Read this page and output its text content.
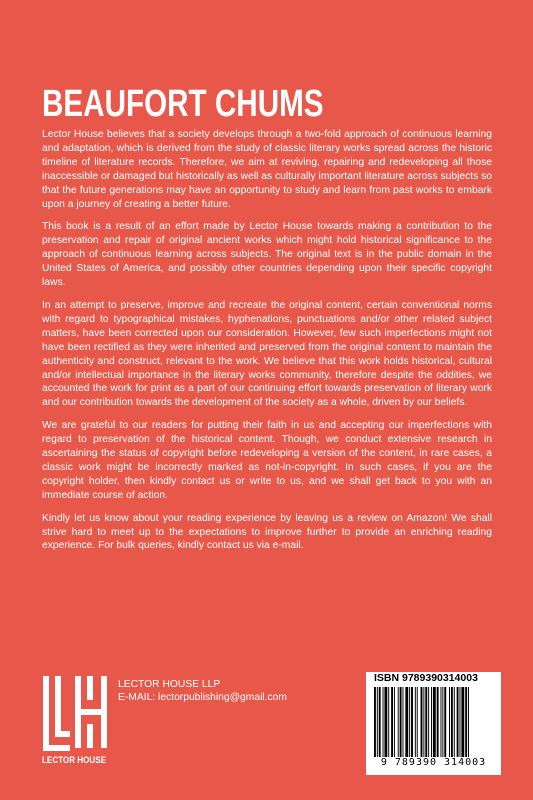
BEAUFORT CHUMS

Lector House believes that a society develops through a two-fold approach of continuous learning and adaptation, which is derived from the study of classic literary works spread across the historic timeline of literature records. Therefore, we aim at reviving, repairing and redeveloping all those inaccessible or damaged but historically as well as culturally important literature across subjects so that the future generations may have an opportunity to study and learn from past works to embark upon a journey of creating a better future.

This book is a result of an effort made by Lector House towards making a contribution to the preservation and repair of original ancient works which might hold historical significance to the approach of continuous learning across subjects. The original text is in the public domain in the United States of America, and possibly other countries depending upon their specific copyright laws.

In an attempt to preserve, improve and recreate the original content, certain conventional norms with regard to typographical mistakes, hyphenations, punctuations and/or other related subject matters, have been corrected upon our consideration. However, few such imperfections might not have been rectified as they were inherited and preserved from the original content to maintain the authenticity and construct, relevant to the work. We believe that this work holds historical, cultural and/or intellectual importance in the literary works community, therefore despite the oddities, we accounted the work for print as a part of our continuing effort towards preservation of literary work and our contribution towards the development of the society as a whole, driven by our beliefs.

We are grateful to our readers for putting their faith in us and accepting our imperfections with regard to preservation of the historical content. Though, we conduct extensive research in ascertaining the status of copyright before redeveloping a version of the content, in rare cases, a classic work might be incorrectly marked as not-in-copyright. In such cases, if you are the copyright holder, then kindly contact us or write to us, and we shall get back to you with an immediate course of action.

Kindly let us know about your reading experience by leaving us a review on Amazon! We shall strive hard to meet up to the expectations to improve further to provide an enriching reading experience. For bulk queries, kindly contact us via e-mail.

LECTOR HOUSE
LECTOR HOUSE LLP
E-MAIL: lectorpublishing@gmail.com
ISBN 9789390314003
9 789390 314003
